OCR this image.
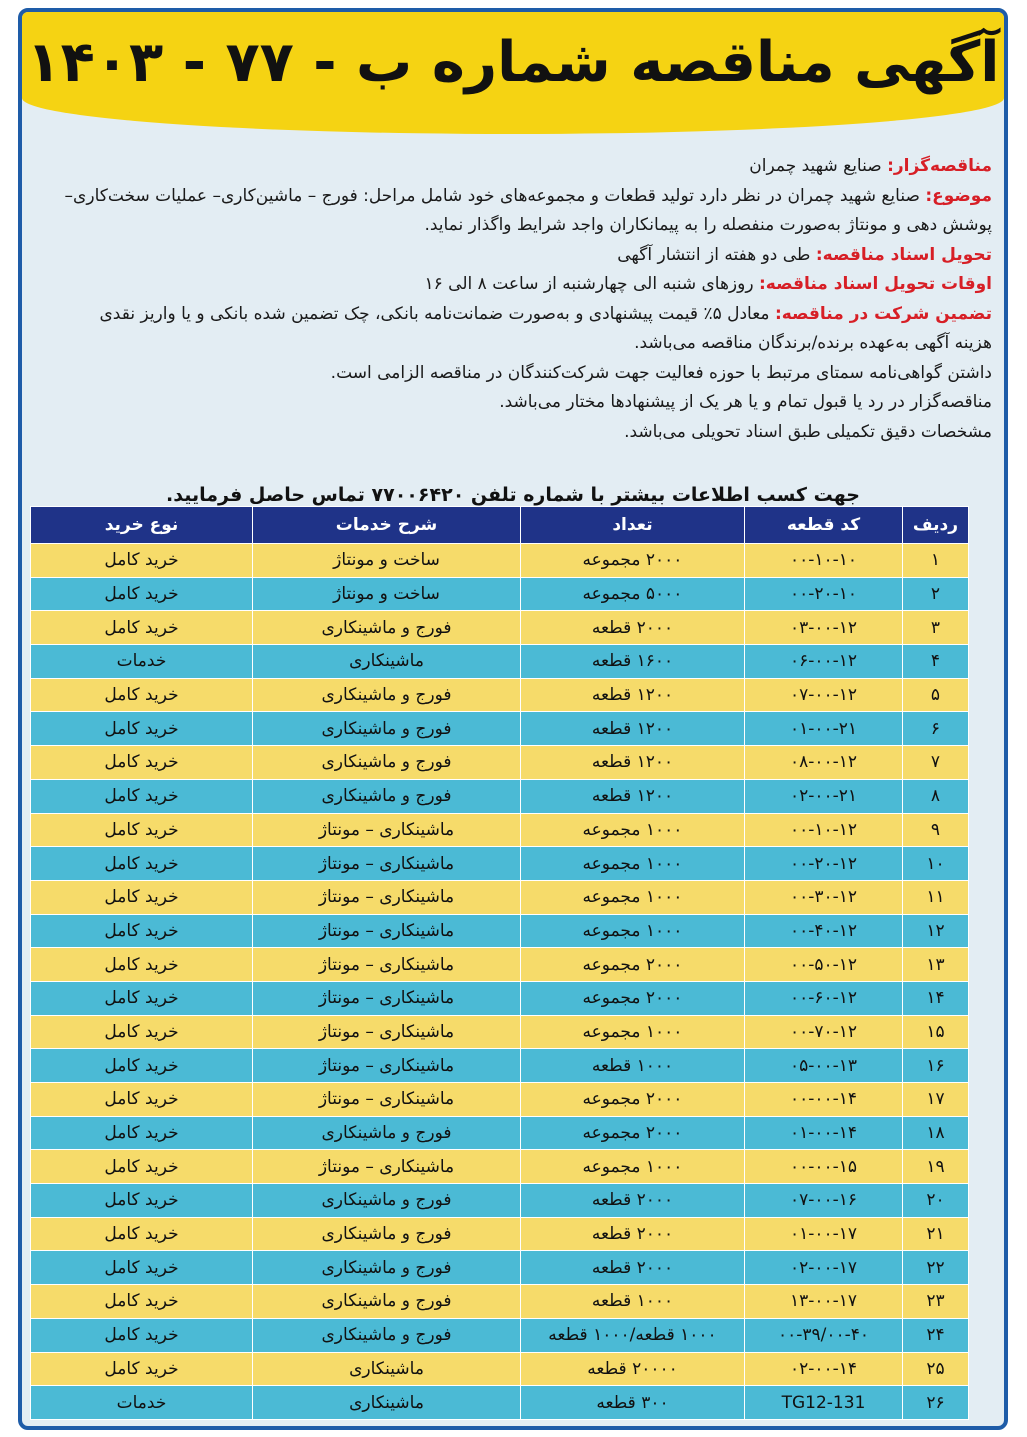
آگهی مناقصه شماره ب - ۷۷ - ۱۴۰۳

مناقصه‌گزار: صنایع شهید چمران

موضوع: صنایع شهید چمران در نظر دارد تولید قطعات و مجموعه‌های خود شامل مراحل: فورج – ماشین‌کاری– عملیات سخت‌کاری– پوشش دهی و مونتاژ به‌صورت منفصله را به پیمانکاران واجد شرایط واگذار نماید.

تحویل اسناد مناقصه: طی دو هفته از انتشار آگهی

اوقات تحویل اسناد مناقصه: روزهای شنبه الی چهارشنبه از ساعت ۸ الی ۱۶

تضمین شرکت در مناقصه: معادل ۵٪ قیمت پیشنهادی و به‌صورت ضمانت‌نامه بانکی، چک تضمین شده بانکی و یا واریز نقدی

هزینه آگهی به‌عهده برنده/برندگان مناقصه می‌باشد.

داشتن گواهی‌نامه سمتای مرتبط با حوزه فعالیت جهت شرکت‌کنندگان در مناقصه الزامی است.

مناقصه‌گزار در رد یا قبول تمام و یا هر یک از پیشنهادها مختار می‌باشد.

مشخصات دقیق تکمیلی طبق اسناد تحویلی می‌باشد.

جهت کسب اطلاعات بیشتر با شماره تلفن ۷۷۰۰۶۴۲۰ تماس حاصل فرمایید.
ردیف	کد قطعه	تعداد	شرح خدمات	نوع خرید
۱	۰۰-۱۰-۱۰	۲۰۰۰ مجموعه	ساخت و مونتاژ	خرید کامل
۲	۰۰-۲۰-۱۰	۵۰۰۰ مجموعه	ساخت و مونتاژ	خرید کامل
۳	۰۳-۰۰-۱۲	۲۰۰۰ قطعه	فورج و ماشینکاری	خرید کامل
۴	۰۶-۰۰-۱۲	۱۶۰۰ قطعه	ماشینکاری	خدمات
۵	۰۷-۰۰-۱۲	۱۲۰۰ قطعه	فورج و ماشینکاری	خرید کامل
۶	۰۱-۰۰-۲۱	۱۲۰۰ قطعه	فورج و ماشینکاری	خرید کامل
۷	۰۸-۰۰-۱۲	۱۲۰۰ قطعه	فورج و ماشینکاری	خرید کامل
۸	۰۲-۰۰-۲۱	۱۲۰۰ قطعه	فورج و ماشینکاری	خرید کامل
۹	۰۰-۱۰-۱۲	۱۰۰۰ مجموعه	ماشینکاری – مونتاژ	خرید کامل
۱۰	۰۰-۲۰-۱۲	۱۰۰۰ مجموعه	ماشینکاری – مونتاژ	خرید کامل
۱۱	۰۰-۳۰-۱۲	۱۰۰۰ مجموعه	ماشینکاری – مونتاژ	خرید کامل
۱۲	۰۰-۴۰-۱۲	۱۰۰۰ مجموعه	ماشینکاری – مونتاژ	خرید کامل
۱۳	۰۰-۵۰-۱۲	۲۰۰۰ مجموعه	ماشینکاری – مونتاژ	خرید کامل
۱۴	۰۰-۶۰-۱۲	۲۰۰۰ مجموعه	ماشینکاری – مونتاژ	خرید کامل
۱۵	۰۰-۷۰-۱۲	۱۰۰۰ مجموعه	ماشینکاری – مونتاژ	خرید کامل
۱۶	۰۵-۰۰-۱۳	۱۰۰۰ قطعه	ماشینکاری – مونتاژ	خرید کامل
۱۷	۰۰-۰۰-۱۴	۲۰۰۰ مجموعه	ماشینکاری – مونتاژ	خرید کامل
۱۸	۰۱-۰۰-۱۴	۲۰۰۰ مجموعه	فورج و ماشینکاری	خرید کامل
۱۹	۰۰-۰۰-۱۵	۱۰۰۰ مجموعه	ماشینکاری – مونتاژ	خرید کامل
۲۰	۰۷-۰۰-۱۶	۲۰۰۰ قطعه	فورج و ماشینکاری	خرید کامل
۲۱	۰۱-۰۰-۱۷	۲۰۰۰ قطعه	فورج و ماشینکاری	خرید کامل
۲۲	۰۲-۰۰-۱۷	۲۰۰۰ قطعه	فورج و ماشینکاری	خرید کامل
۲۳	۱۳-۰۰-۱۷	۱۰۰۰ قطعه	فورج و ماشینکاری	خرید کامل
۲۴	۰۰-۳۹/۰۰-۴۰	۱۰۰۰ قطعه/۱۰۰۰ قطعه	فورج و ماشینکاری	خرید کامل
۲۵	۰۲-۰۰-۱۴	۲۰۰۰۰ قطعه	ماشینکاری	خرید کامل
۲۶	TG12-131	۳۰۰ قطعه	ماشینکاری	خدمات
